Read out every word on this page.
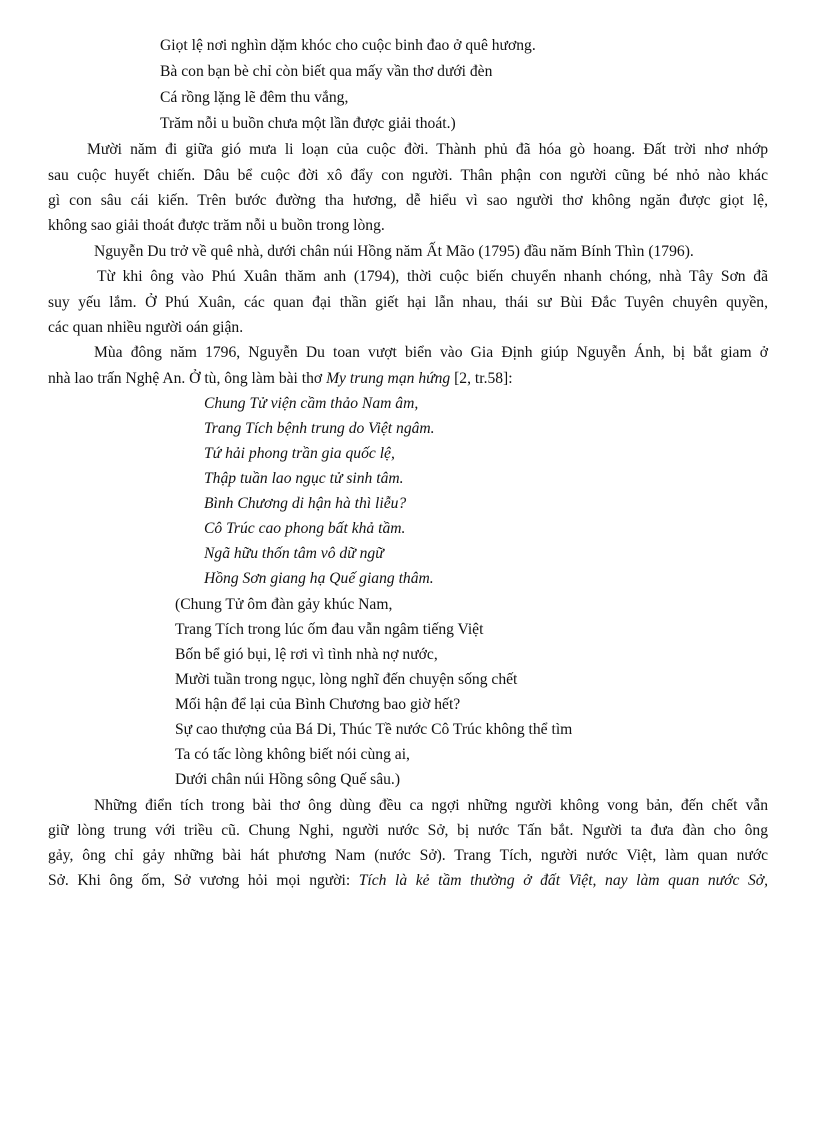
Giọt lệ nơi nghìn dặm khóc cho cuộc binh đao ở quê hương.
Bà con bạn bè chỉ còn biết qua mấy vần thơ dưới đèn
Cá rồng lặng lẽ đêm thu vắng,
Trăm nỗi u buồn chưa một lần được giải thoát.)
Mười năm đi giữa gió mưa li loạn của cuộc đời. Thành phủ đã hóa gò hoang. Đất trời nhơ nhớp
sau cuộc huyết chiến. Dâu bể cuộc đời xô đẩy con người. Thân phận con người cũng bé nhỏ nào khác
gì con sâu cái kiến. Trên bước đường tha hương, dễ hiểu vì sao người thơ không ngăn được giọt lệ,
không sao giải thoát được trăm nỗi u buồn trong lòng.
Nguyễn Du trở về quê nhà, dưới chân núi Hồng năm Ất Mão (1795) đầu năm Bính Thìn (1796).
Từ khi ông vào Phú Xuân thăm anh (1794), thời cuộc biến chuyển nhanh chóng, nhà Tây Sơn đã
suy yếu lắm. Ở Phú Xuân, các quan đại thần giết hại lẫn nhau, thái sư Bùi Đắc Tuyên chuyên quyền,
các quan nhiều người oán giận.
Mùa đông năm 1796, Nguyễn Du toan vượt biển vào Gia Định giúp Nguyễn Ánh, bị bắt giam ở
nhà lao trấn Nghệ An. Ở tù, ông làm bài thơ My trung mạn hứng [2, tr.58]:
Chung Tử viện cầm thảo Nam âm,
Trang Tích bệnh trung do Việt ngâm.
Tứ hải phong trần gia quốc lệ,
Thập tuần lao ngục tử sinh tâm.
Bình Chương di hận hà thì liễu?
Cô Trúc cao phong bất khả tầm.
Ngã hữu thốn tâm vô dữ ngữ
Hồng Sơn giang hạ Quế giang thâm.
(Chung Tử ôm đàn gảy khúc Nam,
Trang Tích trong lúc ốm đau vẫn ngâm tiếng Việt
Bốn bể gió bụi, lệ rơi vì tình nhà nợ nước,
Mười tuần trong ngục, lòng nghĩ đến chuyện sống chết
Mối hận để lại của Bình Chương bao giờ hết?
Sự cao thượng của Bá Di, Thúc Tề nước Cô Trúc không thể tìm
Ta có tấc lòng không biết nói cùng ai,
Dưới chân núi Hồng sông Quế sâu.)
Những điển tích trong bài thơ ông dùng đều ca ngợi những người không vong bản, đến chết vẫn
giữ lòng trung với triều cũ. Chung Nghi, người nước Sở, bị nước Tấn bắt. Người ta đưa đàn cho ông
gảy, ông chỉ gảy những bài hát phương Nam (nước Sở). Trang Tích, người nước Việt, làm quan nước
Sở. Khi ông ốm, Sở vương hỏi mọi người: Tích là kẻ tầm thường ở đất Việt, nay làm quan nước Sở,
